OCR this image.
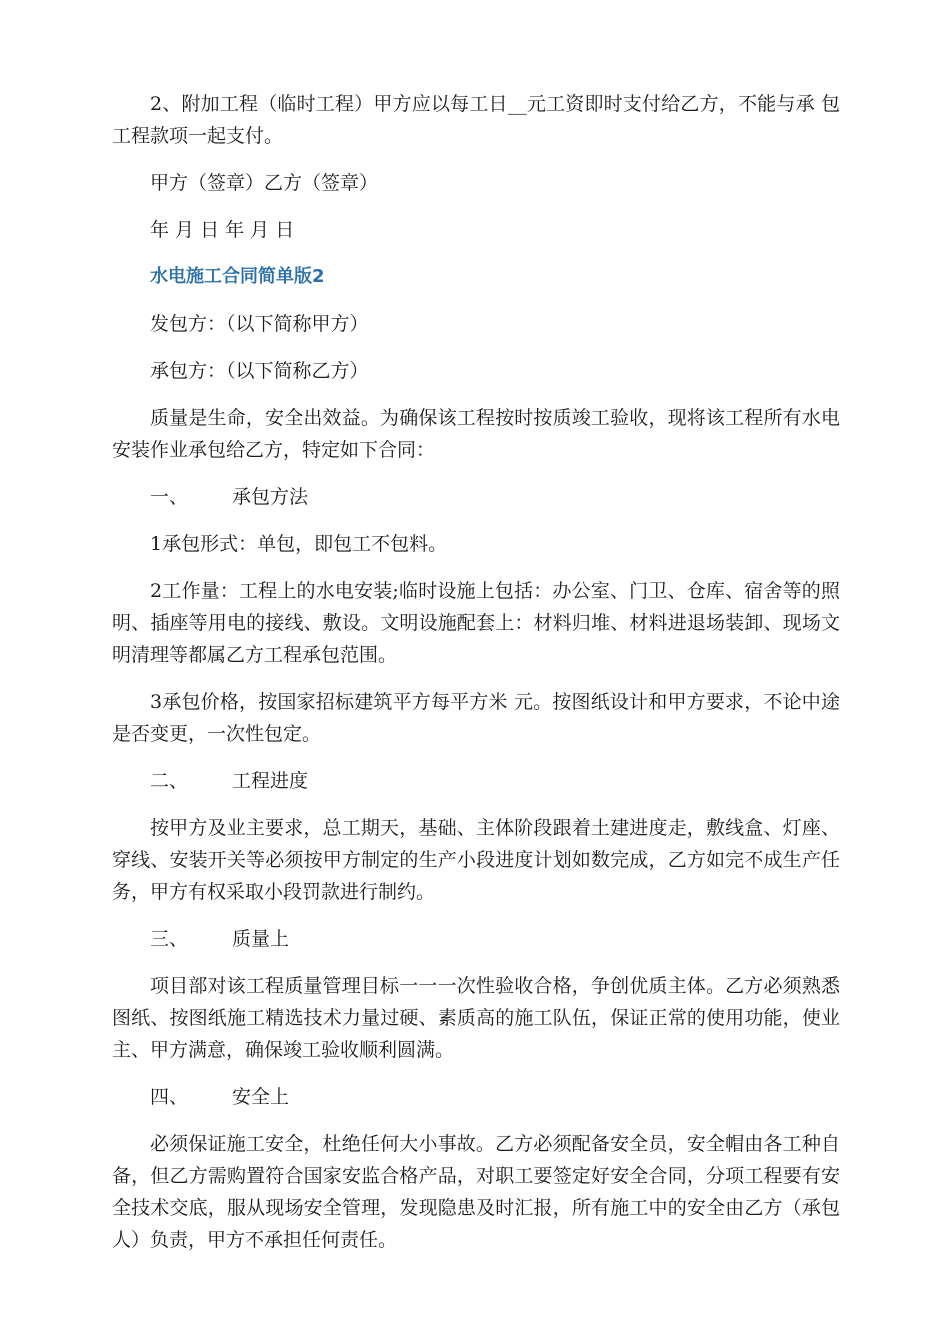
2、附加工程（临时工程）甲方应以每工日__元工资即时支付给乙方，不能与承 包工程款项一起支付。

甲方（签章）乙方（签章）

年 月 日 年 月 日

水电施工合同简单版2

发包方：（以下简称甲方）

承包方：（以下简称乙方）

质量是生命，安全出效益。为确保该工程按时按质竣工验收，现将该工程所有水电安装作业承包给乙方，特定如下合同：

一、	承包方法

1承包形式：单包，即包工不包料。

2工作量：工程上的水电安装;临时设施上包括：办公室、门卫、仓库、宿舍等的照明、插座等用电的接线、敷设。文明设施配套上：材料归堆、材料进退场装卸、现场文明清理等都属乙方工程承包范围。

3承包价格，按国家招标建筑平方每平方米 元。按图纸设计和甲方要求，不论中途是否变更，一次性包定。

二、	工程进度

按甲方及业主要求，总工期天，基础、主体阶段跟着土建进度走，敷线盒、灯座、穿线、安装开关等必须按甲方制定的生产小段进度计划如数完成，乙方如完不成生产任务，甲方有权采取小段罚款进行制约。

三、	质量上

项目部对该工程质量管理目标一一一次性验收合格，争创优质主体。乙方必须熟悉图纸、按图纸施工精选技术力量过硬、素质高的施工队伍，保证正常的使用功能，使业主、甲方满意，确保竣工验收顺利圆满。

四、	安全上

必须保证施工安全，杜绝任何大小事故。乙方必须配备安全员，安全帽由各工种自备，但乙方需购置符合国家安监合格产品，对职工要签定好安全合同，分项工程要有安全技术交底，服从现场安全管理，发现隐患及时汇报，所有施工中的安全由乙方（承包人）负责，甲方不承担任何责任。
